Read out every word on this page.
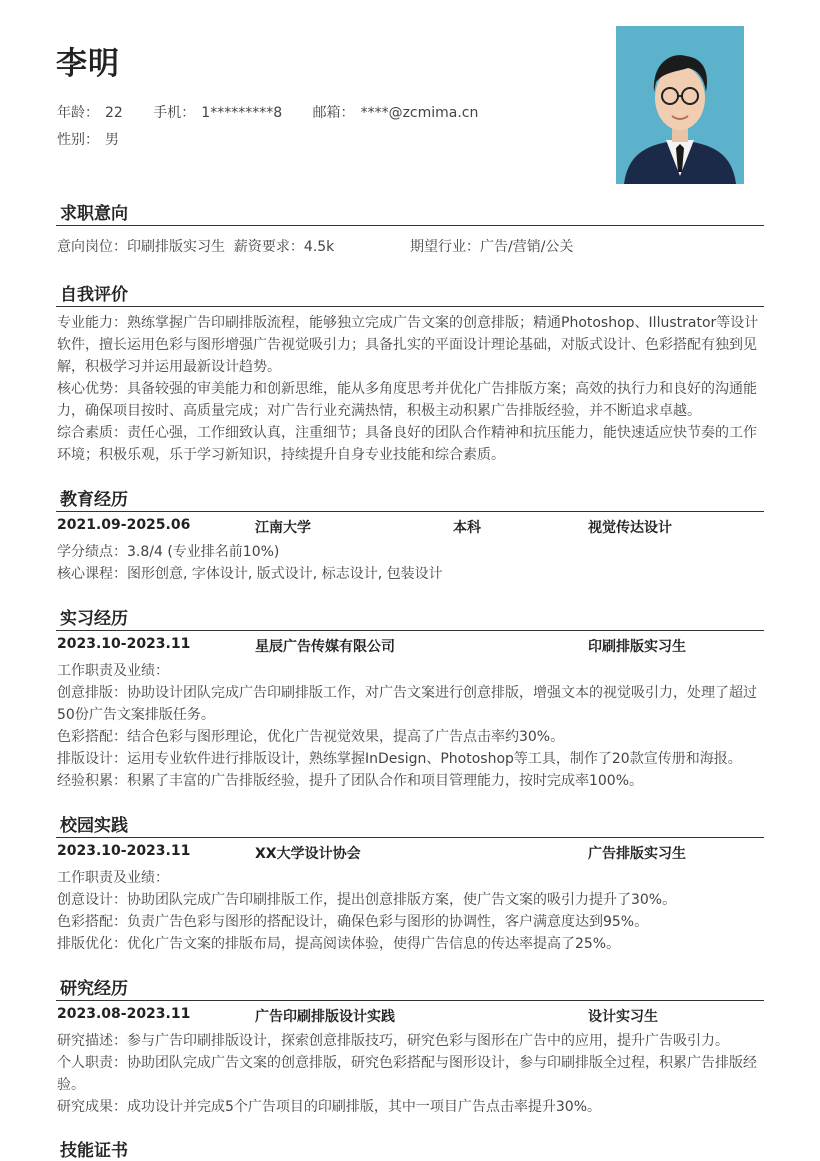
李明
年龄： 22 手机： 1*********8 邮箱： ****@zcmima.cn
性别： 男
求职意向
意向岗位：印刷排版实习生 薪资要求：4.5k	期望行业：广告/营销/公关
自我评价
专业能力：熟练掌握广告印刷排版流程，能够独立完成广告文案的创意排版；精通Photoshop、Illustrator等设计软件，擅长运用色彩与图形增强广告视觉吸引力；具备扎实的平面设计理论基础，对版式设计、色彩搭配有独到见解，积极学习并运用最新设计趋势。
核心优势：具备较强的审美能力和创新思维，能从多角度思考并优化广告排版方案；高效的执行力和良好的沟通能力，确保项目按时、高质量完成；对广告行业充满热情，积极主动积累广告排版经验，并不断追求卓越。
综合素质：责任心强，工作细致认真，注重细节；具备良好的团队合作精神和抗压能力，能快速适应快节奏的工作环境；积极乐观，乐于学习新知识，持续提升自身专业技能和综合素质。
教育经历
2021.09-2025.06	江南大学	本科	视觉传达设计
学分绩点：3.8/4 (专业排名前10%)
核心课程：图形创意, 字体设计, 版式设计, 标志设计, 包装设计
实习经历
2023.10-2023.11	星辰广告传媒有限公司	印刷排版实习生
工作职责及业绩：
创意排版：协助设计团队完成广告印刷排版工作，对广告文案进行创意排版，增强文本的视觉吸引力，处理了超过50份广告文案排版任务。
色彩搭配：结合色彩与图形理论，优化广告视觉效果，提高了广告点击率约30%。
排版设计：运用专业软件进行排版设计，熟练掌握InDesign、Photoshop等工具，制作了20款宣传册和海报。
经验积累：积累了丰富的广告排版经验，提升了团队合作和项目管理能力，按时完成率100%。
校园实践
2023.10-2023.11	XX大学设计协会	广告排版实习生
工作职责及业绩：
创意设计：协助团队完成广告印刷排版工作，提出创意排版方案，使广告文案的吸引力提升了30%。
色彩搭配：负责广告色彩与图形的搭配设计，确保色彩与图形的协调性，客户满意度达到95%。
排版优化：优化广告文案的排版布局，提高阅读体验，使得广告信息的传达率提高了25%。
研究经历
2023.08-2023.11	广告印刷排版设计实践	设计实习生
研究描述：参与广告印刷排版设计，探索创意排版技巧，研究色彩与图形在广告中的应用，提升广告吸引力。
个人职责：协助团队完成广告文案的创意排版，研究色彩搭配与图形设计，参与印刷排版全过程，积累广告排版经验。
研究成果：成功设计并完成5个广告项目的印刷排版，其中一项目广告点击率提升30%。
技能证书
